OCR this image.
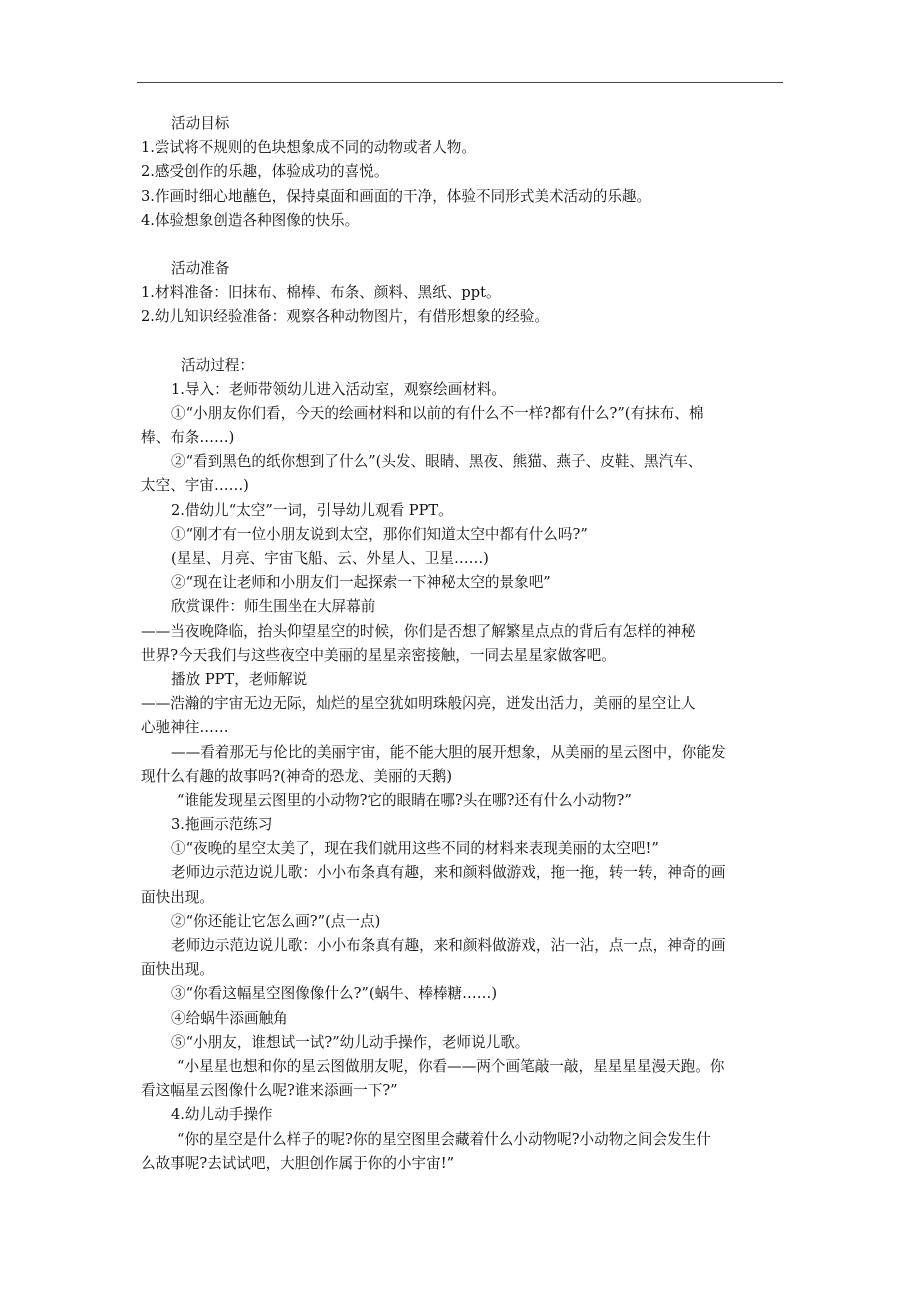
活动目标
1.尝试将不规则的色块想象成不同的动物或者人物。
2.感受创作的乐趣，体验成功的喜悦。
3.作画时细心地蘸色，保持桌面和画面的干净，体验不同形式美术活动的乐趣。
4.体验想象创造各种图像的快乐。
活动准备
1.材料准备：旧抹布、棉棒、布条、颜料、黑纸、ppt。
2.幼儿知识经验准备：观察各种动物图片，有借形想象的经验。
活动过程：
1.导入：老师带领幼儿进入活动室，观察绘画材料。
①“小朋友你们看，今天的绘画材料和以前的有什么不一样?都有什么?”(有抹布、棉
棒、布条……)
②“看到黑色的纸你想到了什么”(头发、眼睛、黑夜、熊猫、燕子、皮鞋、黑汽车、
太空、宇宙……)
2.借幼儿“太空”一词，引导幼儿观看 PPT。
①“刚才有一位小朋友说到太空，那你们知道太空中都有什么吗?”
(星星、月亮、宇宙飞船、云、外星人、卫星……)
②“现在让老师和小朋友们一起探索一下神秘太空的景象吧”
欣赏课件：师生围坐在大屏幕前
——当夜晚降临，抬头仰望星空的时候，你们是否想了解繁星点点的背后有怎样的神秘
世界?今天我们与这些夜空中美丽的星星亲密接触，一同去星星家做客吧。
播放 PPT，老师解说
——浩瀚的宇宙无边无际，灿烂的星空犹如明珠般闪亮，迸发出活力，美丽的星空让人
心驰神往……
——看着那无与伦比的美丽宇宙，能不能大胆的展开想象，从美丽的星云图中，你能发
现什么有趣的故事吗?(神奇的恐龙、美丽的天鹅)
“谁能发现星云图里的小动物?它的眼睛在哪?头在哪?还有什么小动物?”
3.拖画示范练习
①“夜晚的星空太美了，现在我们就用这些不同的材料来表现美丽的太空吧!”
老师边示范边说儿歌：小小布条真有趣，来和颜料做游戏，拖一拖，转一转，神奇的画
面快出现。
②“你还能让它怎么画?”(点一点)
老师边示范边说儿歌：小小布条真有趣，来和颜料做游戏，沾一沾，点一点，神奇的画
面快出现。
③“你看这幅星空图像像什么?”(蜗牛、棒棒糖……)
④给蜗牛添画触角
⑤“小朋友，谁想试一试?”幼儿动手操作，老师说儿歌。
“小星星也想和你的星云图做朋友呢，你看——两个画笔敲一敲，星星星星漫天跑。你
看这幅星云图像什么呢?谁来添画一下?”
4.幼儿动手操作
“你的星空是什么样子的呢?你的星空图里会藏着什么小动物呢?小动物之间会发生什
么故事呢?去试试吧，大胆创作属于你的小宇宙!”
